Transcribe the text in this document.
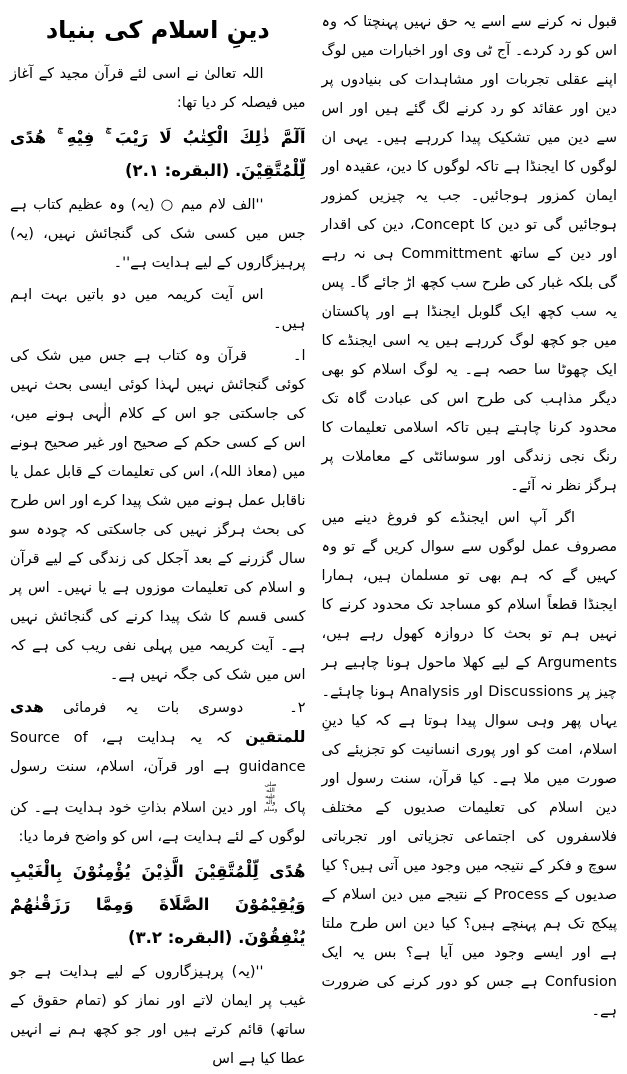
قبول نہ کرنے سے اسے یہ حق نہیں پہنچتا کہ وہ اس کو رد کردے۔ آج ٹی وی اور اخبارات میں لوگ اپنے عقلی تجربات اور مشاہدات کی بنیادوں پر دین اور عقائد کو رد کرنے لگ گئے ہیں اور اس سے دین میں تشکیک پیدا کررہے ہیں۔ یہی ان لوگوں کا ایجنڈا ہے تاکہ لوگوں کا دین، عقیدہ اور ایمان کمزور ہوجائیں۔ جب یہ چیزیں کمزور ہوجائیں گی تو دین کا Concept، دین کی اقدار اور دین کے ساتھ Committment ہی نہ رہے گی بلکہ غبار کی طرح سب کچھ اڑ جائے گا۔ پس یہ سب کچھ ایک گلوبل ایجنڈا ہے اور پاکستان میں جو کچھ لوگ کررہے ہیں یہ اسی ایجنڈے کا ایک چھوٹا سا حصہ ہے۔ یہ لوگ اسلام کو بھی دیگر مذاہب کی طرح اس کی عبادت گاہ تک محدود کرنا چاہتے ہیں تاکہ اسلامی تعلیمات کا رنگ نجی زندگی اور سوسائٹی کے معاملات پر ہرگز نظر نہ آئے۔

اگر آپ اس ایجنڈے کو فروغ دینے میں مصروف عمل لوگوں سے سوال کریں گے تو وہ کہیں گے کہ ہم بھی تو مسلمان ہیں، ہمارا ایجنڈا قطعاً اسلام کو مساجد تک محدود کرنے کا نہیں ہم تو بحث کا دروازہ کھول رہے ہیں، Arguments کے لیے کھلا ماحول ہونا چاہیے ہر چیز پر Discussions اور Analysis ہونا چاہئے۔ یہاں پھر وہی سوال پیدا ہوتا ہے کہ کیا دینِ اسلام، امت کو اور پوری انسانیت کو تجزیئے کی صورت میں ملا ہے۔ کیا قرآن، سنت رسول اور دین اسلام کی تعلیمات صدیوں کے مختلف فلاسفروں کی اجتماعی تجزیاتی اور تجرباتی سوچ و فکر کے نتیجہ میں وجود میں آتی ہیں؟ کیا صدیوں کے Process کے نتیجے میں دین اسلام کے پیکج تک ہم پہنچے ہیں؟ کیا دین اس طرح ملتا ہے اور ایسے وجود میں آیا ہے؟ بس یہ ایک Confusion ہے جس کو دور کرنے کی ضرورت ہے۔

دینِ اسلام کی بنیاد

اللہ تعالیٰ نے اسی لئے قرآن مجید کے آغاز میں فیصلہ کر دیا تھا:

اَلٓمَّ ذٰلِكَ الْكِتٰبُ لَا رَيْبَ ۚ فِيْهِ ۚ هُدًى لِّلْمُتَّقِيْنَ. (البقره: ۲.۱)

''الف لام میم ○ (یہ) وہ عظیم کتاب ہے جس میں کسی شک کی گنجائش نہیں، (یہ) پرہیزگاروں کے لیے ہدایت ہے''۔

اس آیت کریمہ میں دو باتیں بہت اہم ہیں۔

ا۔قرآن وہ کتاب ہے جس میں شک کی کوئی گنجائش نہیں لہذا کوئی ایسی بحث نہیں کی جاسکتی جو اس کے کلام الٰہی ہونے میں، اس کے کسی حکم کے صحیح اور غیر صحیح ہونے میں (معاذ اللہ)، اس کی تعلیمات کے قابل عمل یا ناقابل عمل ہونے میں شک پیدا کرے اور اس طرح کی بحث ہرگز نہیں کی جاسکتی کہ چودہ سو سال گزرنے کے بعد آجکل کی زندگی کے لیے قرآن و اسلام کی تعلیمات موزوں ہے یا نہیں۔ اس پر کسی قسم کا شک پیدا کرنے کی گنجائش نہیں ہے۔ آیت کریمہ میں پہلی نفی ریب کی ہے کہ اس میں شک کی جگہ نہیں ہے۔

۲۔دوسری بات یہ فرمائی ھدی للمتقین کہ یہ ہدایت ہے، Source of guidance ہے اور قرآن، اسلام، سنت رسول پاک صلى الله عليه وآله وسلم اور دین اسلام بذاتِ خود ہدایت ہے۔ کن لوگوں کے لئے ہدایت ہے، اس کو واضح فرما دیا:

هُدًى لِّلْمُتَّقِيْنَ الَّذِيْنَ يُؤْمِنُوْنَ بِالْغَيْبِ وَيُقِيْمُوْنَ الصَّلَاةَ وَمِمَّا رَزَقْنٰهُمْ يُنْفِقُوْنَ. (البقره: ۳.۲)

''(یہ) پرہیزگاروں کے لیے ہدایت ہے جو غیب پر ایمان لاتے اور نماز کو (تمام حقوق کے ساتھ) قائم کرتے ہیں اور جو کچھ ہم نے انہیں عطا کیا ہے اس
